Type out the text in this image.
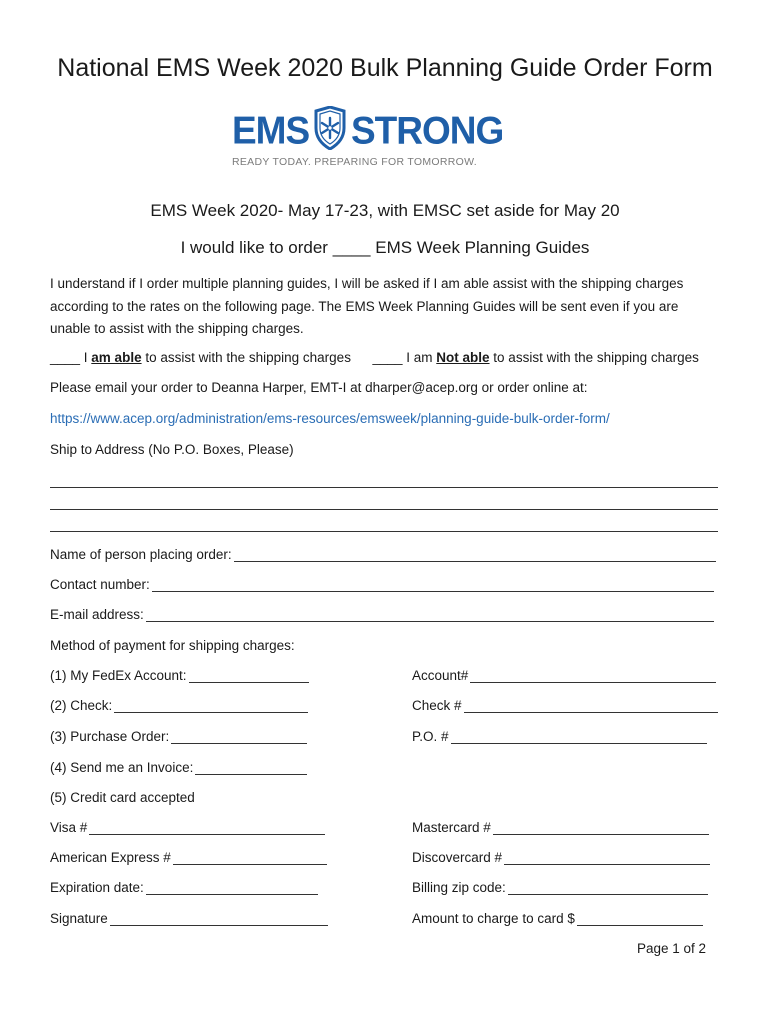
National EMS Week 2020 Bulk Planning Guide Order Form
EMS STRONG
READY TODAY. PREPARING FOR TOMORROW.
EMS Week 2020- May 17-23, with EMSC set aside for May 20
I would like to order ____ EMS Week Planning Guides
I understand if I order multiple planning guides, I will be asked if I am able assist with the shipping charges according to the rates on the following page. The EMS Week Planning Guides will be sent even if you are unable to assist with the shipping charges.
____ I am able to assist with the shipping charges ____ I am Not able to assist with the shipping charges
Please email your order to Deanna Harper, EMT-I at dharper@acep.org or order online at:
https://www.acep.org/administration/ems-resources/emsweek/planning-guide-bulk-order-form/
Ship to Address (No P.O. Boxes, Please)
Name of person placing order:
Contact number:
E-mail address:
Method of payment for shipping charges:
(1) My FedEx Account:	Account#
(2) Check:	Check #
(3) Purchase Order:	P.O. #
(4) Send me an Invoice:
(5) Credit card accepted
Visa #	Mastercard #
American Express #	Discovercard #
Expiration date:	Billing zip code:
Signature	Amount to charge to card $
Page 1 of 2
